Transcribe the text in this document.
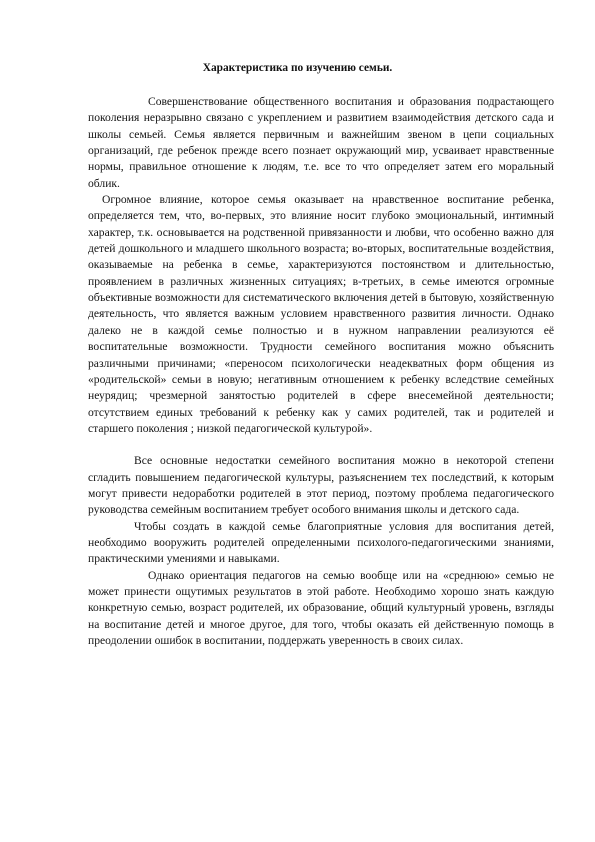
Характеристика по изучению семьи.

Совершенствование общественного воспитания и образования подрастающего поколения неразрывно связано с укреплением и развитием взаимодействия детского сада и школы семьей. Семья является первичным и важнейшим звеном в цепи социальных организаций, где ребенок прежде всего познает окружающий мир, усваивает нравственные нормы, правильное отношение к людям, т.е. все то что определяет затем его моральный облик.

Огромное влияние, которое семья оказывает на нравственное воспитание ребенка, определяется тем, что, во-первых, это влияние носит глубоко эмоциональный, интимный характер, т.к. основывается на родственной привязанности и любви, что особенно важно для детей дошкольного и младшего школьного возраста; во-вторых, воспитательные воздействия, оказываемые на ребенка в семье, характеризуются постоянством и длительностью, проявлением в различных жизненных ситуациях; в-третьих, в семье имеются огромные объективные возможности для систематического включения детей в бытовую, хозяйственную деятельность, что является важным условием нравственного развития личности. Однако далеко не в каждой семье полностью и в нужном направлении реализуются её воспитательные возможности. Трудности семейного воспитания можно объяснить различными причинами; «переносом психологически неадекватных форм общения из «родительской» семьи в новую; негативным отношением к ребенку вследствие семейных неурядиц; чрезмерной занятостью родителей в сфере внесемейной деятельности; отсутствием единых требований к ребенку как у самих родителей, так и родителей и старшего поколения ; низкой педагогической культурой».

Все основные недостатки семейного воспитания можно в некоторой степени сгладить повышением педагогической культуры, разъяснением тех последствий, к которым могут привести недоработки родителей в этот период, поэтому проблема педагогического руководства семейным воспитанием требует особого внимания школы и детского сада.

Чтобы создать в каждой семье благоприятные условия для воспитания детей, необходимо вооружить родителей определенными психолого-педагогическими знаниями, практическими умениями и навыками.

Однако ориентация педагогов на семью вообще или на «среднюю» семью не может принести ощутимых результатов в этой работе. Необходимо хорошо знать каждую конкретную семью, возраст родителей, их образование, общий культурный уровень, взгляды на воспитание детей и многое другое, для того, чтобы оказать ей действенную помощь в преодолении ошибок в воспитании, поддержать уверенность в своих силах.
